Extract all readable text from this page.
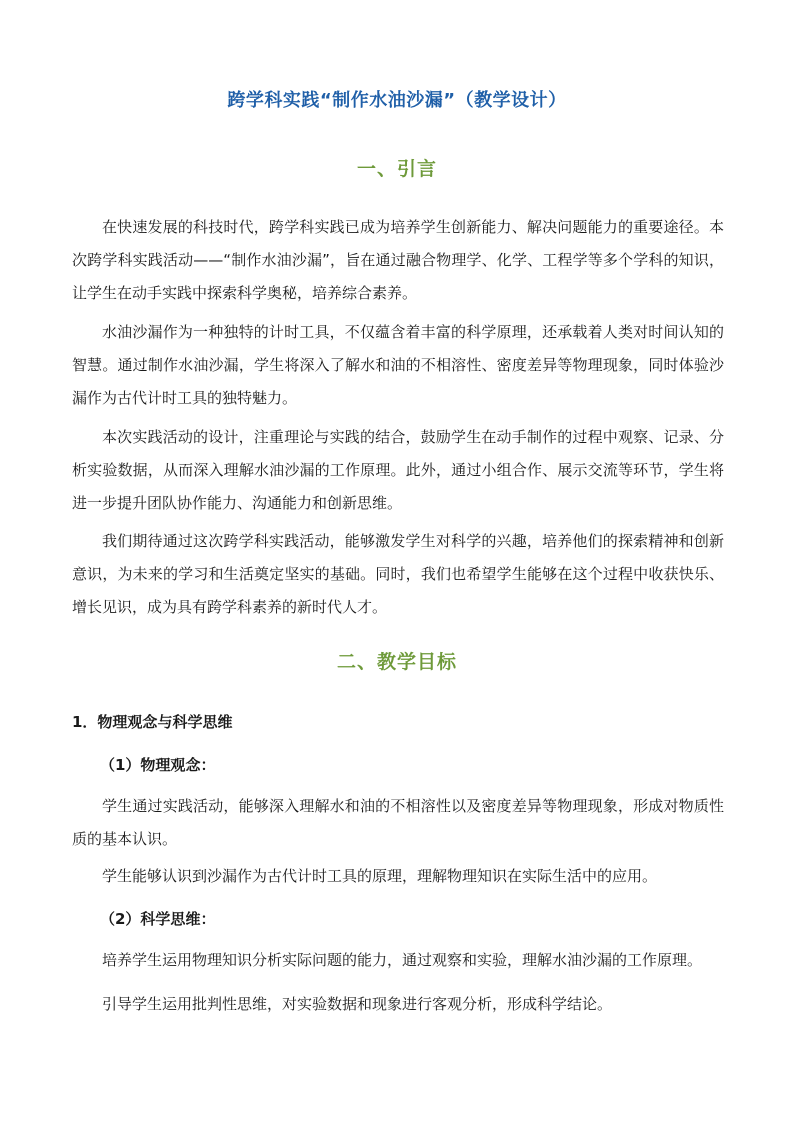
跨学科实践“制作水油沙漏”（教学设计）
一、引言

在快速发展的科技时代，跨学科实践已成为培养学生创新能力、解决问题能力的重要途径。本次跨学科实践活动——“制作水油沙漏”，旨在通过融合物理学、化学、工程学等多个学科的知识，让学生在动手实践中探索科学奥秘，培养综合素养。

水油沙漏作为一种独特的计时工具，不仅蕴含着丰富的科学原理，还承载着人类对时间认知的智慧。通过制作水油沙漏，学生将深入了解水和油的不相溶性、密度差异等物理现象，同时体验沙漏作为古代计时工具的独特魅力。

本次实践活动的设计，注重理论与实践的结合，鼓励学生在动手制作的过程中观察、记录、分析实验数据，从而深入理解水油沙漏的工作原理。此外，通过小组合作、展示交流等环节，学生将进一步提升团队协作能力、沟通能力和创新思维。

我们期待通过这次跨学科实践活动，能够激发学生对科学的兴趣，培养他们的探索精神和创新意识，为未来的学习和生活奠定坚实的基础。同时，我们也希望学生能够在这个过程中收获快乐、增长见识，成为具有跨学科素养的新时代人才。

二、教学目标
1．物理观念与科学思维
（1）物理观念：

学生通过实践活动，能够深入理解水和油的不相溶性以及密度差异等物理现象，形成对物质性质的基本认识。

学生能够认识到沙漏作为古代计时工具的原理，理解物理知识在实际生活中的应用。

（2）科学思维：

培养学生运用物理知识分析实际问题的能力，通过观察和实验，理解水油沙漏的工作原理。

引导学生运用批判性思维，对实验数据和现象进行客观分析，形成科学结论。
